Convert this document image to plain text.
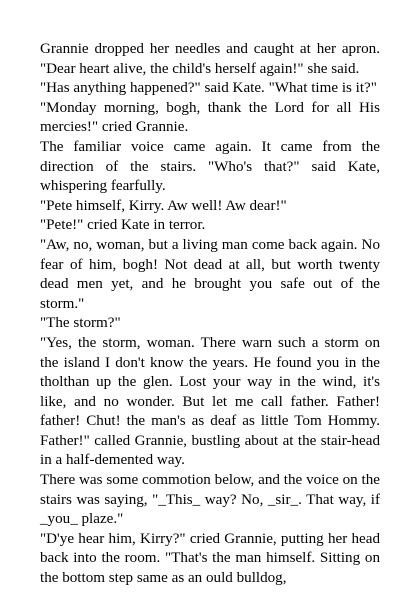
Grannie dropped her needles and caught at her apron. "Dear heart alive, the child's herself again!" she said.

"Has anything happened?" said Kate. "What time is it?"

"Monday morning, bogh, thank the Lord for all His mercies!" cried Grannie.

The familiar voice came again. It came from the direction of the stairs. "Who's that?" said Kate, whispering fearfully.

"Pete himself, Kirry. Aw well! Aw dear!"

"Pete!" cried Kate in terror.

"Aw, no, woman, but a living man come back again. No fear of him, bogh! Not dead at all, but worth twenty dead men yet, and he brought you safe out of the storm."

"The storm?"

"Yes, the storm, woman. There warn such a storm on the island I don't know the years. He found you in the tholthan up the glen. Lost your way in the wind, it's like, and no wonder. But let me call father. Father! father! Chut! the man's as deaf as little Tom Hommy. Father!" called Grannie, bustling about at the stair-head in a half-demented way.

There was some commotion below, and the voice on the stairs was saying, "_This_ way? No, _sir_. That way, if _you_ plaze."

"D'ye hear him, Kirry?" cried Grannie, putting her head back into the room. "That's the man himself. Sitting on the bottom step same as an ould bulldog,
